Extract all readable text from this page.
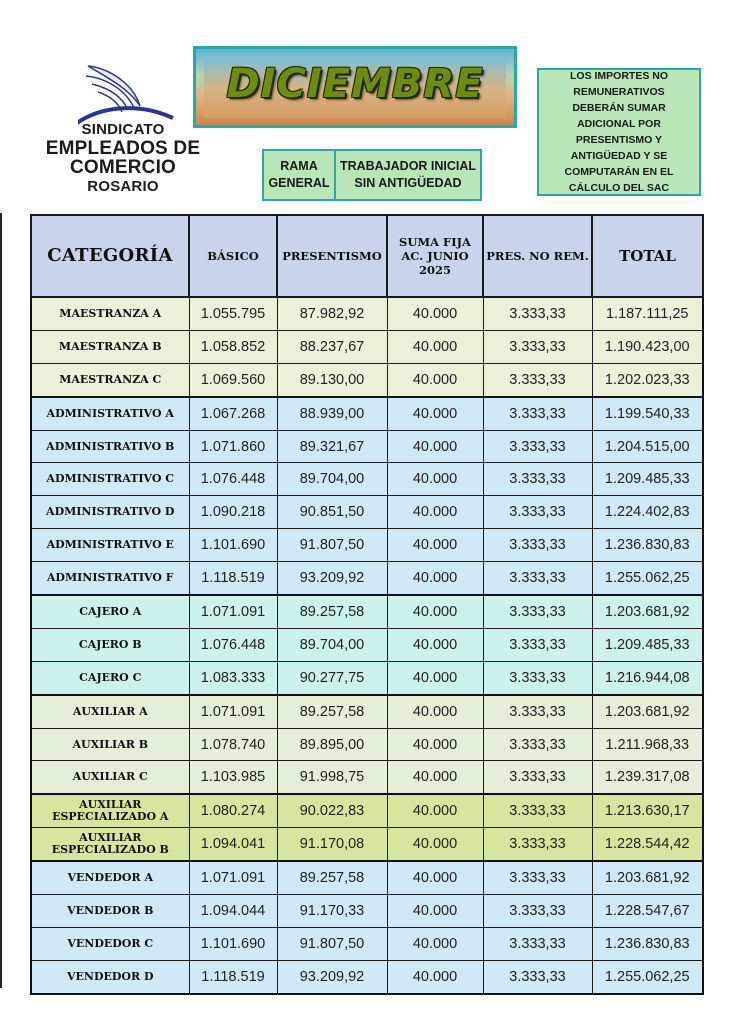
SINDICATO
EMPLEADOS DE COMERCIO
ROSARIO
DICIEMBRE
RAMA GENERAL
TRABAJADOR INICIAL SIN ANTIGÜEDAD
LOS IMPORTES NO REMUNERATIVOS DEBERÁN SUMAR ADICIONAL POR PRESENTISMO Y ANTIGÜEDAD Y SE COMPUTARÁN EN EL CÁLCULO DEL SAC
CATEGORÍA	BÁSICO	PRESENTISMO	SUMA FIJA AC. JUNIO 2025	PRES. NO REM.	TOTAL
MAESTRANZA A	1.055.795	87.982,92	40.000	3.333,33	1.187.111,25
MAESTRANZA B	1.058.852	88.237,67	40.000	3.333,33	1.190.423,00
MAESTRANZA C	1.069.560	89.130,00	40.000	3.333,33	1.202.023,33
ADMINISTRATIVO A	1.067.268	88.939,00	40.000	3.333,33	1.199.540,33
ADMINISTRATIVO B	1.071.860	89.321,67	40.000	3.333,33	1.204.515,00
ADMINISTRATIVO C	1.076.448	89.704,00	40.000	3.333,33	1.209.485,33
ADMINISTRATIVO D	1.090.218	90.851,50	40.000	3.333,33	1.224.402,83
ADMINISTRATIVO E	1.101.690	91.807,50	40.000	3.333,33	1.236.830,83
ADMINISTRATIVO F	1.118.519	93.209,92	40.000	3.333,33	1.255.062,25
CAJERO A	1.071.091	89.257,58	40.000	3.333,33	1.203.681,92
CAJERO B	1.076.448	89.704,00	40.000	3.333,33	1.209.485,33
CAJERO C	1.083.333	90.277,75	40.000	3.333,33	1.216.944,08
AUXILIAR A	1.071.091	89.257,58	40.000	3.333,33	1.203.681,92
AUXILIAR B	1.078.740	89.895,00	40.000	3.333,33	1.211.968,33
AUXILIAR C	1.103.985	91.998,75	40.000	3.333,33	1.239.317,08
AUXILIAR ESPECIALIZADO A	1.080.274	90.022,83	40.000	3.333,33	1.213.630,17
AUXILIAR ESPECIALIZADO B	1.094.041	91.170,08	40.000	3.333,33	1.228.544,42
VENDEDOR A	1.071.091	89.257,58	40.000	3.333,33	1.203.681,92
VENDEDOR B	1.094.044	91.170,33	40.000	3.333,33	1.228.547,67
VENDEDOR C	1.101.690	91.807,50	40.000	3.333,33	1.236.830,83
VENDEDOR D	1.118.519	93.209,92	40.000	3.333,33	1.255.062,25
